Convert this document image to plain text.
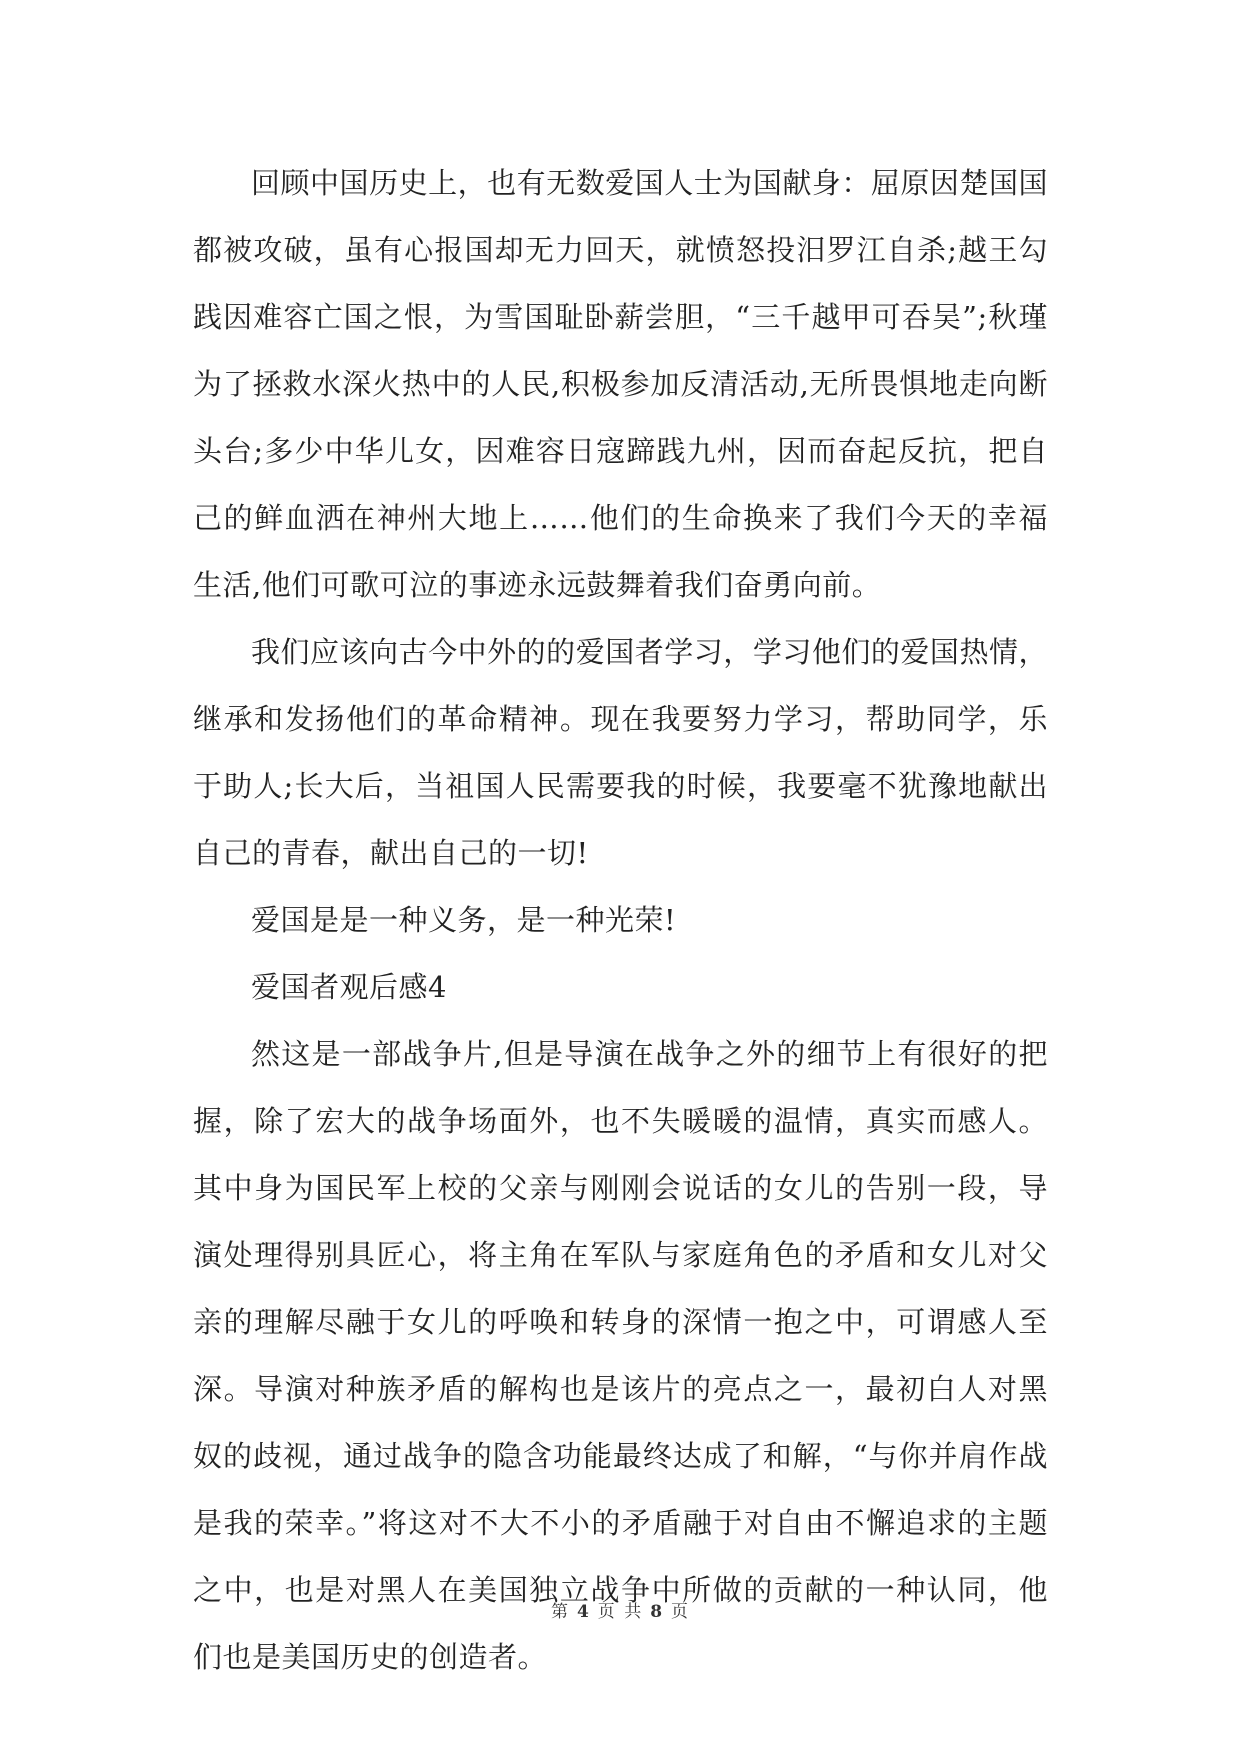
回顾中国历史上，也有无数爱国人士为国献身：屈原因楚国国都被攻破，虽有心报国却无力回天，就愤怒投汨罗江自杀;越王勾践因难容亡国之恨，为雪国耻卧薪尝胆，“三千越甲可吞吴”;秋瑾为了拯救水深火热中的人民,积极参加反清活动,无所畏惧地走向断头台;多少中华儿女，因难容日寇蹄践九州，因而奋起反抗，把自己的鲜血洒在神州大地上……他们的生命换来了我们今天的幸福生活,他们可歌可泣的事迹永远鼓舞着我们奋勇向前。

我们应该向古今中外的的爱国者学习，学习他们的爱国热情，继承和发扬他们的革命精神。现在我要努力学习，帮助同学，乐于助人;长大后，当祖国人民需要我的时候，我要毫不犹豫地献出自己的青春，献出自己的一切!

爱国是是一种义务，是一种光荣!

爱国者观后感4

然这是一部战争片,但是导演在战争之外的细节上有很好的把握，除了宏大的战争场面外，也不失暖暖的温情，真实而感人。其中身为国民军上校的父亲与刚刚会说话的女儿的告别一段，导演处理得别具匠心，将主角在军队与家庭角色的矛盾和女儿对父亲的理解尽融于女儿的呼唤和转身的深情一抱之中，可谓感人至深。导演对种族矛盾的解构也是该片的亮点之一，最初白人对黑奴的歧视，通过战争的隐含功能最终达成了和解，“与你并肩作战是我的荣幸。”将这对不大不小的矛盾融于对自由不懈追求的主题之中，也是对黑人在美国独立战争中所做的贡献的一种认同，他们也是美国历史的创造者。

第 4 页 共 8 页
